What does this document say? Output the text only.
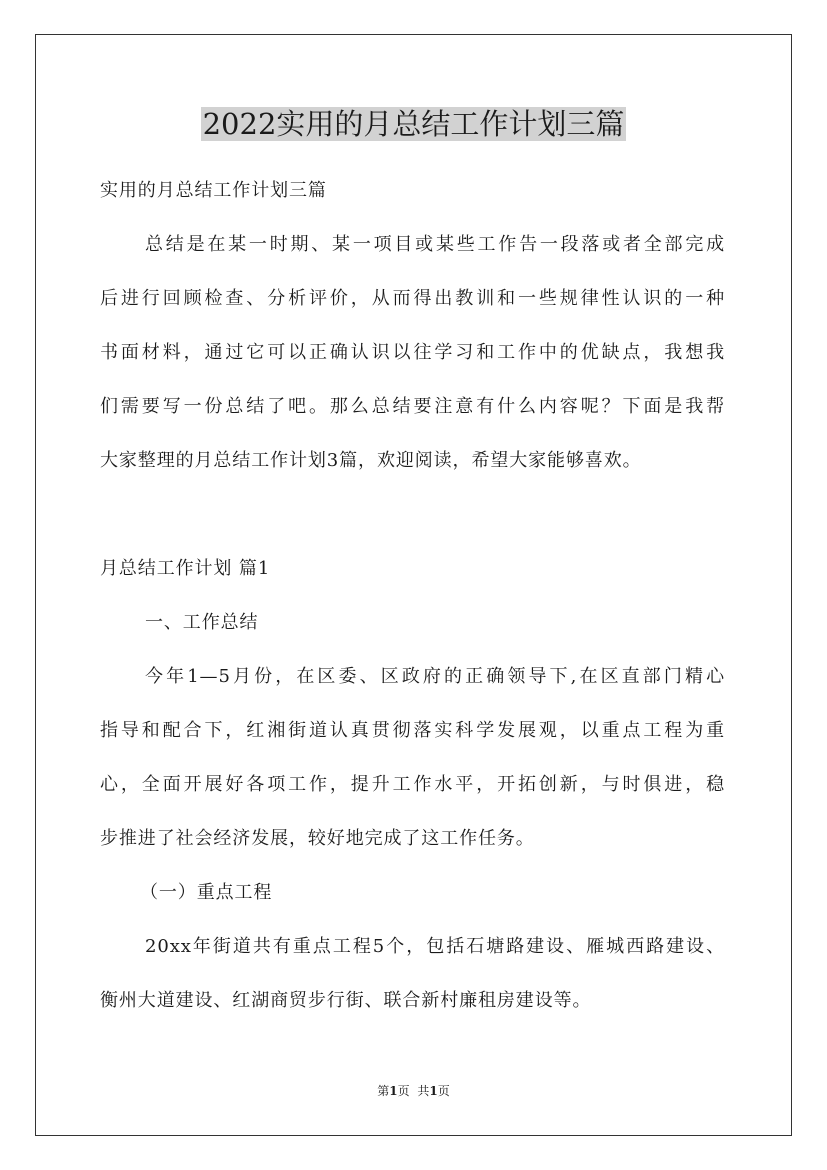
2022实用的月总结工作计划三篇

实用的月总结工作计划三篇

总结是在某一时期、某一项目或某些工作告一段落或者全部完成

后进行回顾检查、分析评价，从而得出教训和一些规律性认识的一种

书面材料，通过它可以正确认识以往学习和工作中的优缺点，我想我

们需要写一份总结了吧。那么总结要注意有什么内容呢？下面是我帮

大家整理的月总结工作计划3篇，欢迎阅读，希望大家能够喜欢。

月总结工作计划 篇1

一、工作总结

今年1—5月份，在区委、区政府的正确领导下,在区直部门精心

指导和配合下，红湘街道认真贯彻落实科学发展观，以重点工程为重

心，全面开展好各项工作，提升工作水平，开拓创新，与时俱进，稳

步推进了社会经济发展，较好地完成了这工作任务。

（一）重点工程

20xx年街道共有重点工程5个，包括石塘路建设、雁城西路建设、

衡州大道建设、红湖商贸步行街、联合新村廉租房建设等。

第1页 共1页
